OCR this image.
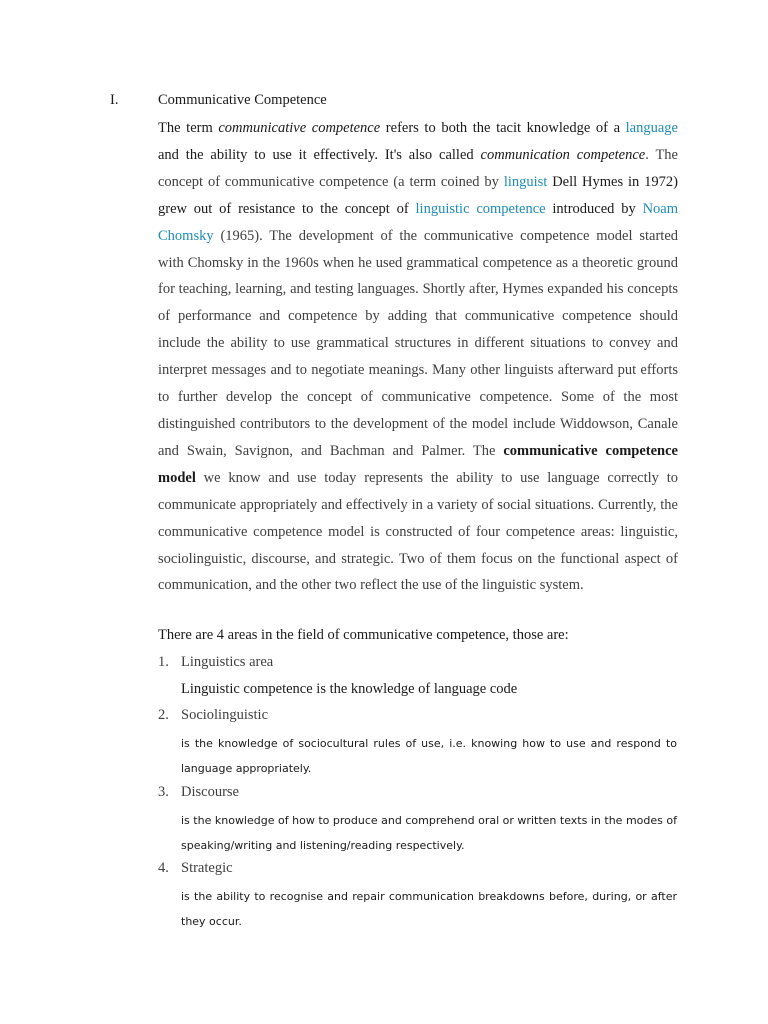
I.	Communicative Competence
The term communicative competence refers to both the tacit knowledge of a language and the ability to use it effectively. It's also called communication competence. The concept of communicative competence (a term coined by linguist Dell Hymes in 1972) grew out of resistance to the concept of linguistic competence introduced by Noam Chomsky (1965). The development of the communicative competence model started with Chomsky in the 1960s when he used grammatical competence as a theoretic ground for teaching, learning, and testing languages. Shortly after, Hymes expanded his concepts of performance and competence by adding that communicative competence should include the ability to use grammatical structures in different situations to convey and interpret messages and to negotiate meanings. Many other linguists afterward put efforts to further develop the concept of communicative competence. Some of the most distinguished contributors to the development of the model include Widdowson, Canale and Swain, Savignon, and Bachman and Palmer. The communicative competence model we know and use today represents the ability to use language correctly to communicate appropriately and effectively in a variety of social situations. Currently, the communicative competence model is constructed of four competence areas: linguistic, sociolinguistic, discourse, and strategic. Two of them focus on the functional aspect of communication, and the other two reflect the use of the linguistic system.
There are 4 areas in the field of communicative competence, those are:
1. Linguistics area
Linguistic competence is the knowledge of language code
2. Sociolinguistic
is the knowledge of sociocultural rules of use, i.e. knowing how to use and respond to language appropriately.
3. Discourse
is the knowledge of how to produce and comprehend oral or written texts in the modes of speaking/writing and listening/reading respectively.
4. Strategic
is the ability to recognise and repair communication breakdowns before, during, or after they occur.
